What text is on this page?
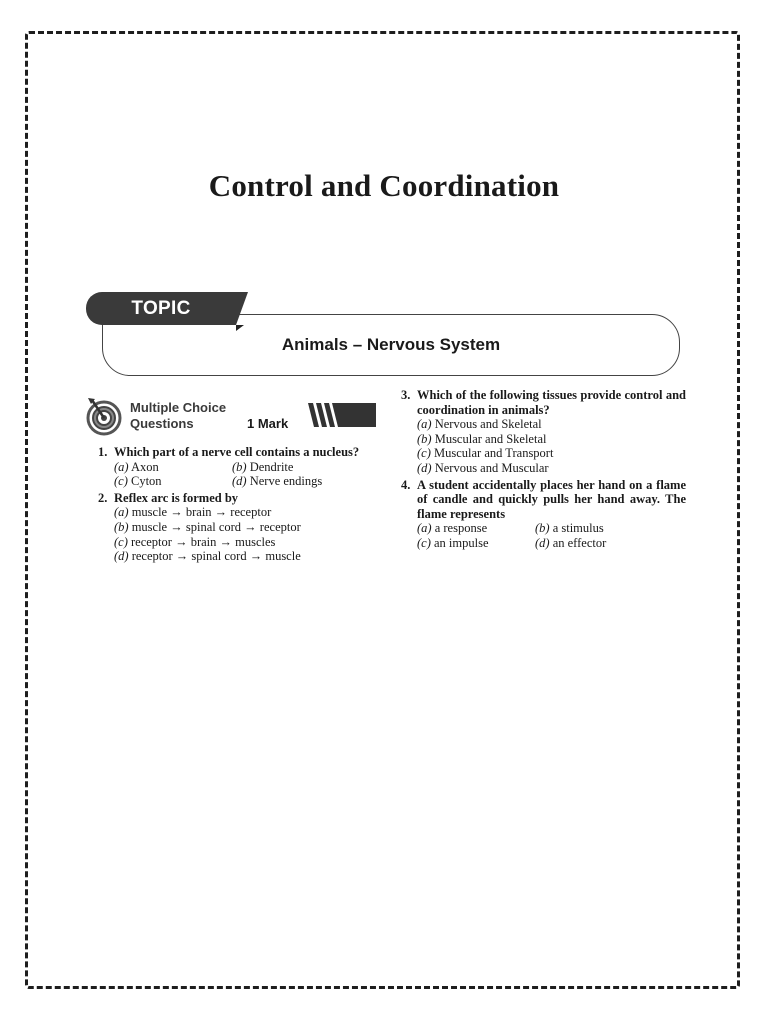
Control and Coordination
TOPIC COVERED	Animals – Nervous System
Multiple Choice
Questions	1 Mark
1. Which part of a nerve cell contains a nucleus?
(a) Axon	(b) Dendrite
(c) Cyton	(d) Nerve endings
2. Reflex arc is formed by
(a) muscle → brain → receptor
(b) muscle → spinal cord → receptor
(c) receptor → brain → muscles
(d) receptor → spinal cord → muscle
3. Which of the following tissues provide control and coordination in animals?
(a) Nervous and Skeletal
(b) Muscular and Skeletal
(c) Muscular and Transport
(d) Nervous and Muscular
4. A student accidentally places her hand on a flame of candle and quickly pulls her hand away. The flame represents
(a) a response	(b) a stimulus
(c) an impulse	(d) an effector
